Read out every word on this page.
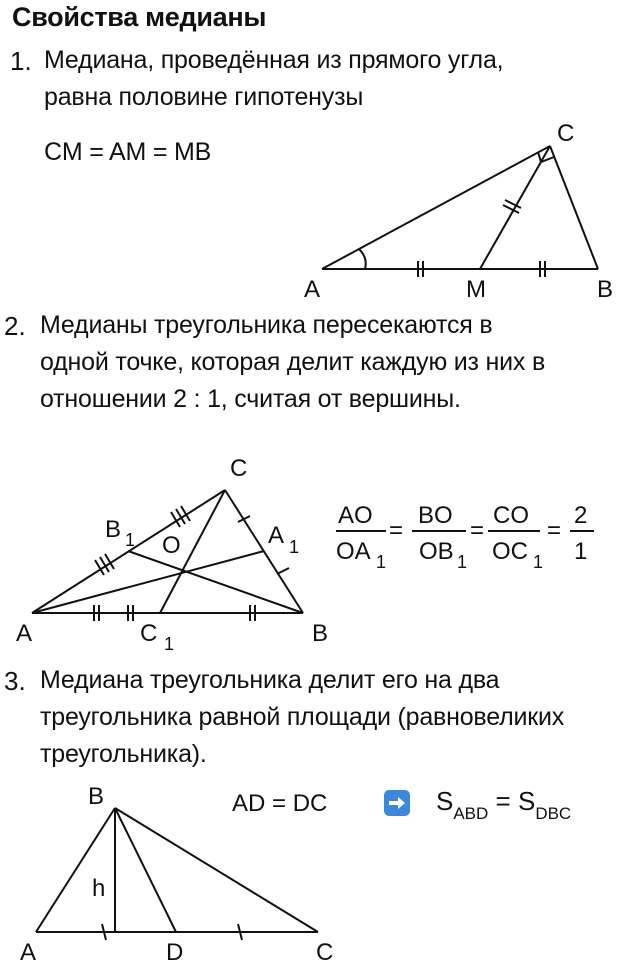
Свойства медианы
1. Медиана, проведённая из прямого угла,
равна половине гипотенузы
CM = AM = MB
A	M	B
C
A	B
C
O
B 1	A 1
C 1
AO
OA 1
=
BO
OB 1
=
CO
OC 1
=
2
1
B
h
A	D	C
2. Медианы треугольника пересекаются в
одной точке, которая делит каждую из них в
отношении 2 : 1, считая от вершины.
3. Медиана треугольника делит его на два
треугольника равной площади (равновеликих
треугольника).
AD = DC	$S_{ABD} = S_{DBC}$
